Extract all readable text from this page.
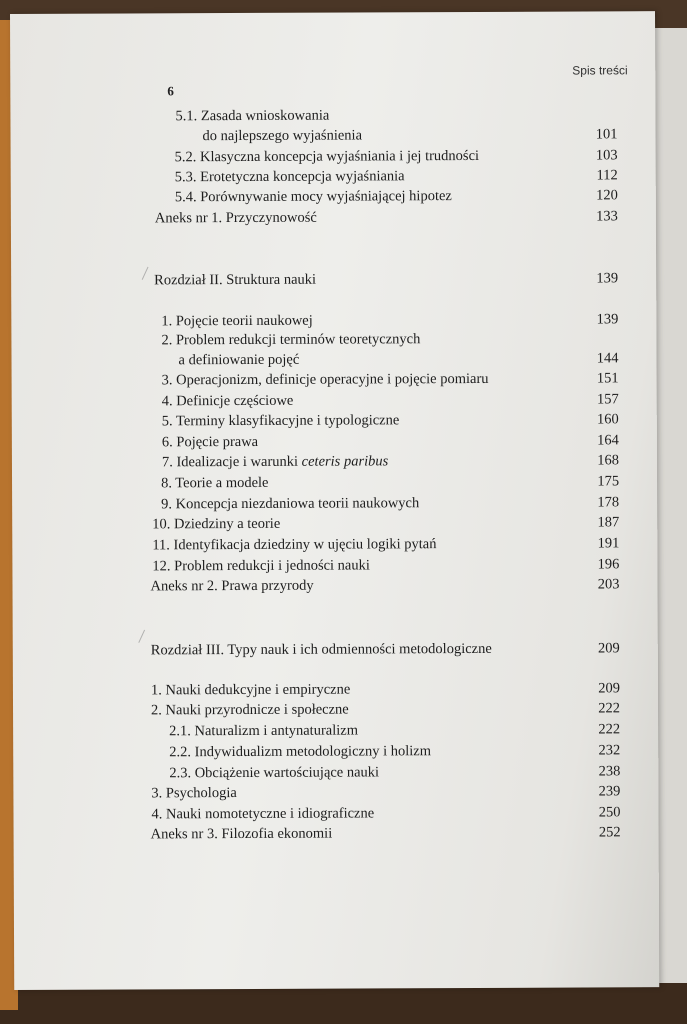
Spis treści
6
5.1. Zasada wnioskowania
do najlepszego wyjaśnienia	101
5.2. Klasyczna koncepcja wyjaśniania i jej trudności	103
5.3. Erotetyczna koncepcja wyjaśniania	112
5.4. Porównywanie mocy wyjaśniającej hipotez	120
Aneks nr 1. Przyczynowość	133
Rozdział II. Struktura nauki	139
1. Pojęcie teorii naukowej	139
2. Problem redukcji terminów teoretycznych
a definiowanie pojęć	144
3. Operacjonizm, definicje operacyjne i pojęcie pomiaru	151
4. Definicje częściowe	157
5. Terminy klasyfikacyjne i typologiczne	160
6. Pojęcie prawa	164
7. Idealizacje i warunki ceteris paribus	168
8. Teorie a modele	175
9. Koncepcja niezdaniowa teorii naukowych	178
10. Dziedziny a teorie	187
11. Identyfikacja dziedziny w ujęciu logiki pytań	191
12. Problem redukcji i jedności nauki	196
Aneks nr 2. Prawa przyrody	203
Rozdział III. Typy nauk i ich odmienności metodologiczne	209
1. Nauki dedukcyjne i empiryczne	209
2. Nauki przyrodnicze i społeczne	222
2.1. Naturalizm i antynaturalizm	222
2.2. Indywidualizm metodologiczny i holizm	232
2.3. Obciążenie wartościujące nauki	238
3. Psychologia	239
4. Nauki nomotetyczne i idiograficzne	250
Aneks nr 3. Filozofia ekonomii	252
